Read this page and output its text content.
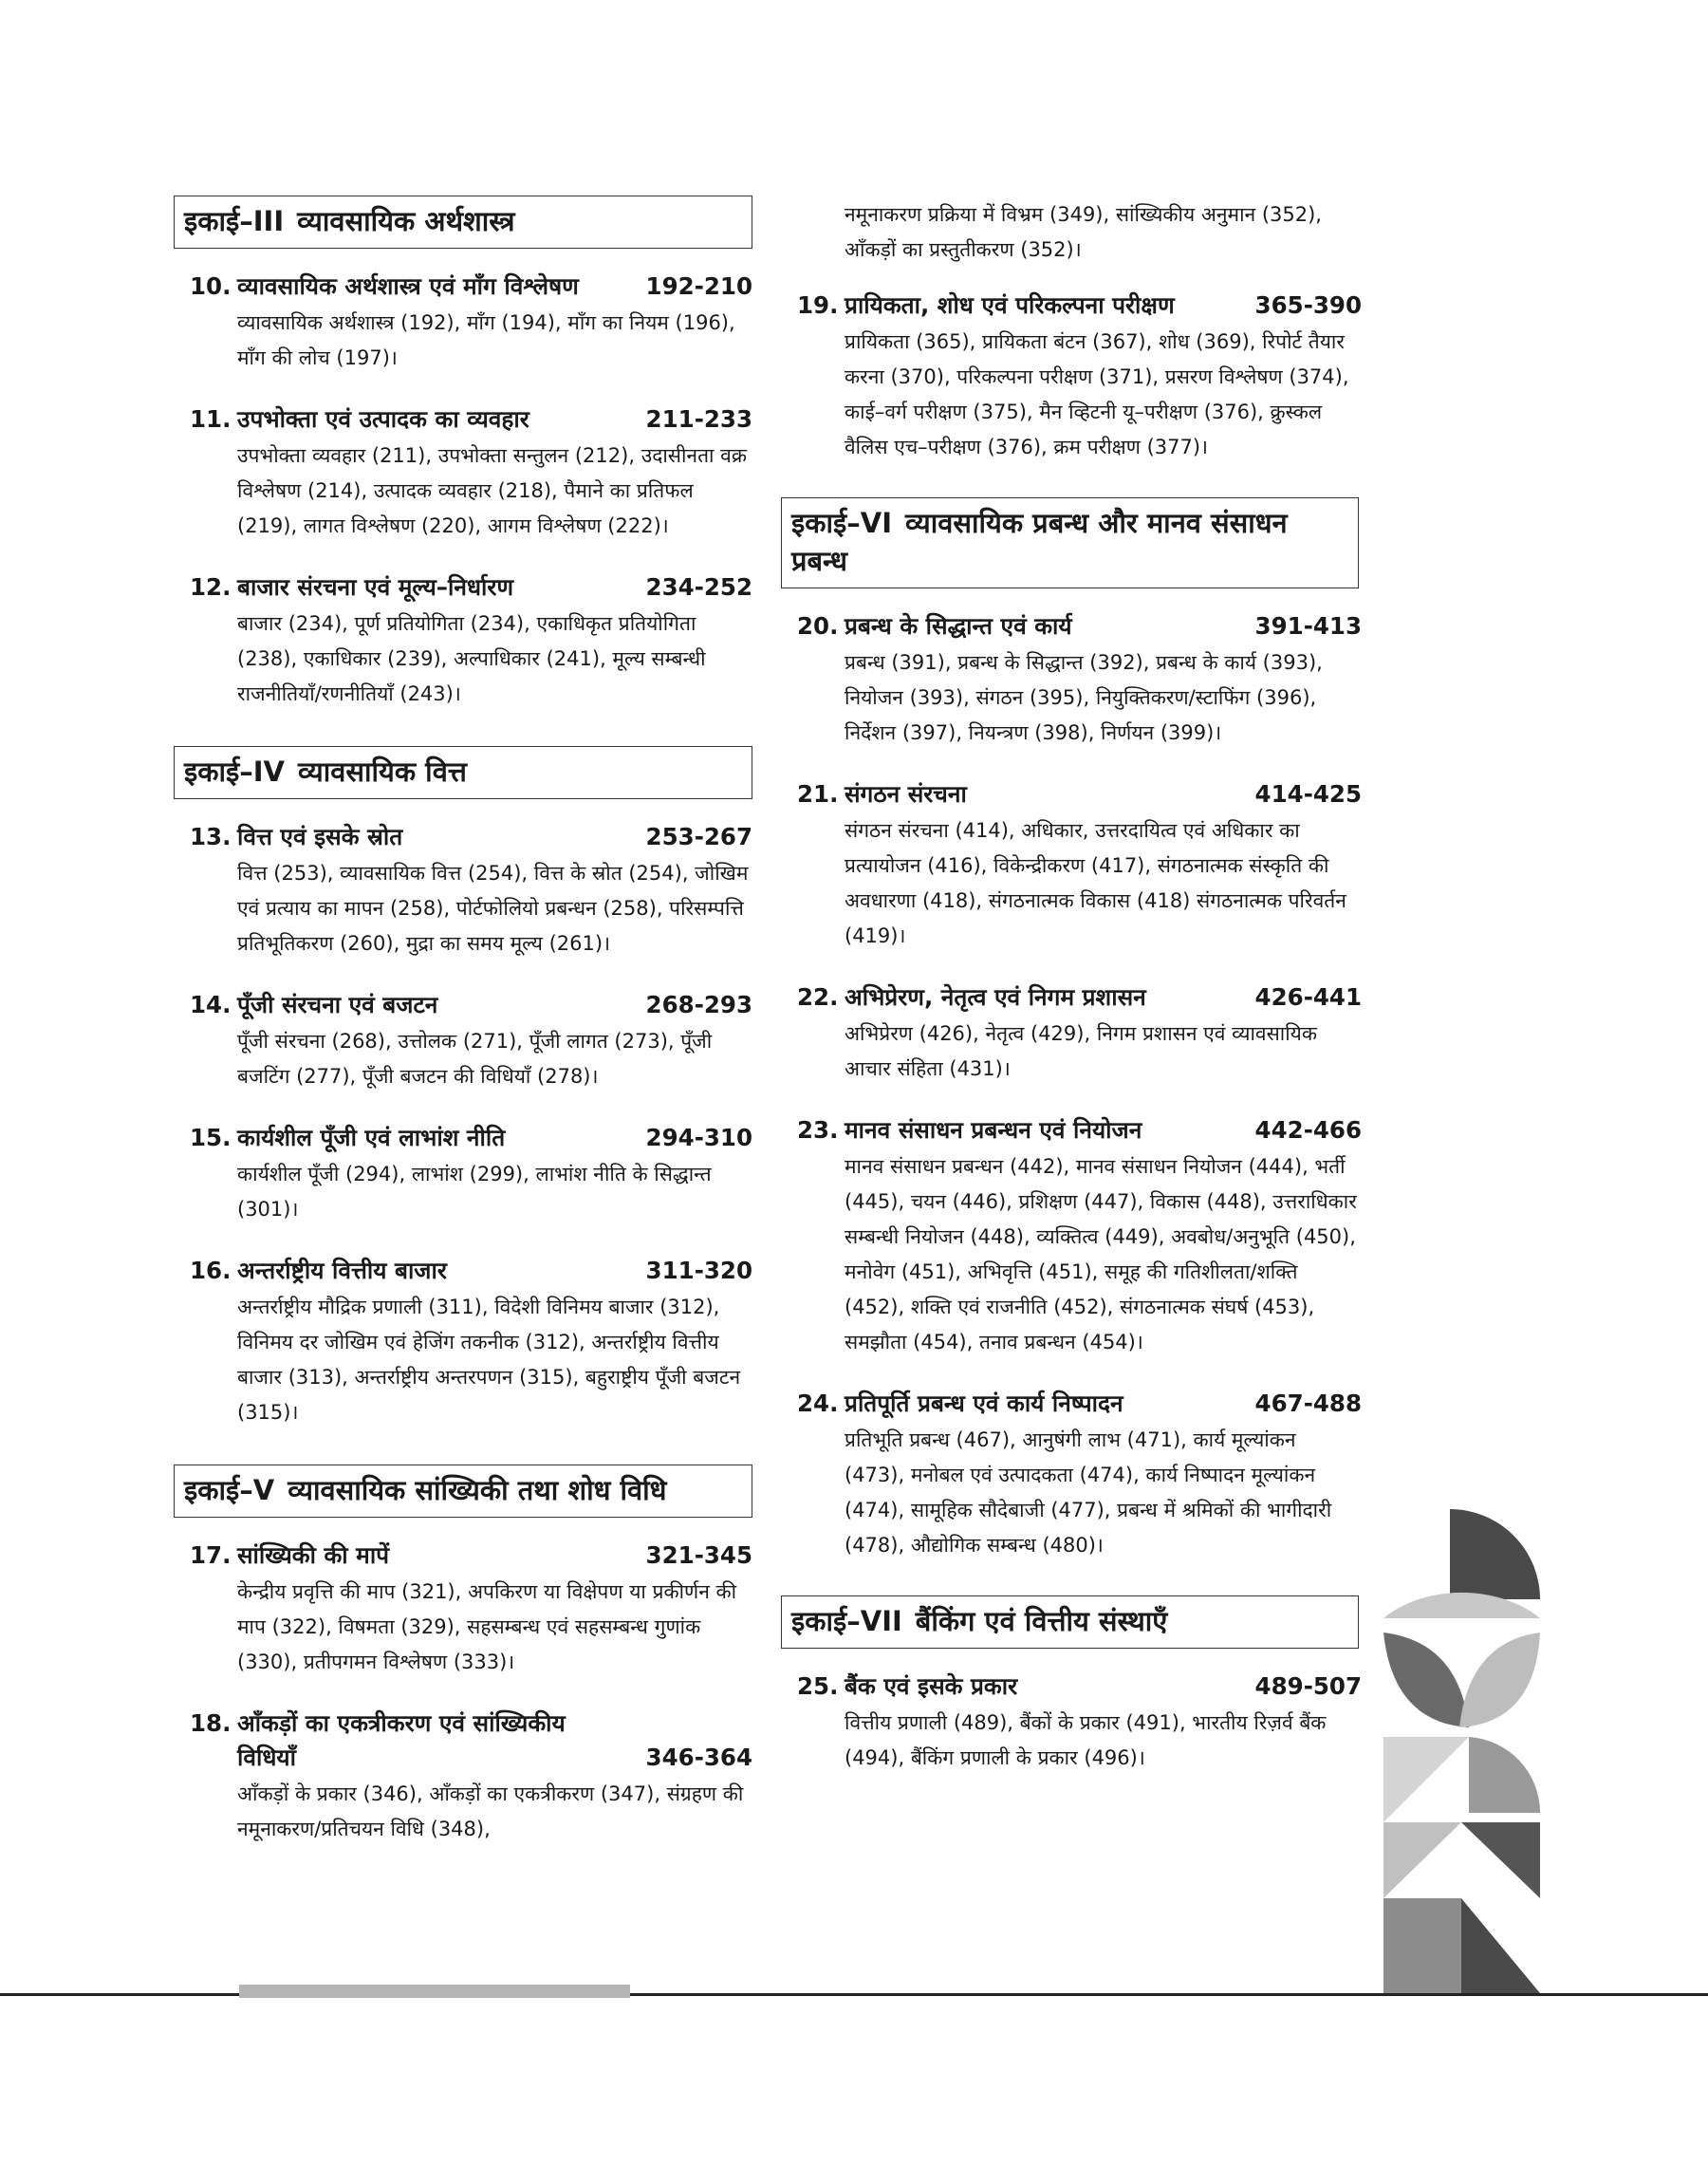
इकाई–III व्यावसायिक अर्थशास्त्र
10. व्यावसायिक अर्थशास्त्र एवं माँग विश्लेषण	192-210
व्यावसायिक अर्थशास्त्र (192), माँग (194), माँग का नियम (196), माँग की लोच (197)।
11. उपभोक्ता एवं उत्पादक का व्यवहार	211-233
उपभोक्ता व्यवहार (211), उपभोक्ता सन्तुलन (212), उदासीनता वक्र विश्लेषण (214), उत्पादक व्यवहार (218), पैमाने का प्रतिफल (219), लागत विश्लेषण (220), आगम विश्लेषण (222)।
12. बाजार संरचना एवं मूल्य–निर्धारण	234-252
बाजार (234), पूर्ण प्रतियोगिता (234), एकाधिकृत प्रतियोगिता (238), एकाधिकार (239), अल्पाधिकार (241), मूल्य सम्बन्धी राजनीतियाँ/रणनीतियाँ (243)।
इकाई–IV व्यावसायिक वित्त
13. वित्त एवं इसके स्रोत	253-267
वित्त (253), व्यावसायिक वित्त (254), वित्त के स्रोत (254), जोखिम एवं प्रत्याय का मापन (258), पोर्टफोलियो प्रबन्धन (258), परिसम्पत्ति प्रतिभूतिकरण (260), मुद्रा का समय मूल्य (261)।
14. पूँजी संरचना एवं बजटन	268-293
पूँजी संरचना (268), उत्तोलक (271), पूँजी लागत (273), पूँजी बजटिंग (277), पूँजी बजटन की विधियाँ (278)।
15. कार्यशील पूँजी एवं लाभांश नीति	294-310
कार्यशील पूँजी (294), लाभांश (299), लाभांश नीति के सिद्धान्त (301)।
16. अन्तर्राष्ट्रीय वित्तीय बाजार	311-320
अन्तर्राष्ट्रीय मौद्रिक प्रणाली (311), विदेशी विनिमय बाजार (312), विनिमय दर जोखिम एवं हेजिंग तकनीक (312), अन्तर्राष्ट्रीय वित्तीय बाजार (313), अन्तर्राष्ट्रीय अन्तरपणन (315), बहुराष्ट्रीय पूँजी बजटन (315)।
इकाई–V व्यावसायिक सांख्यिकी तथा शोध विधि
17. सांख्यिकी की मापें	321-345
केन्द्रीय प्रवृत्ति की माप (321), अपकिरण या विक्षेपण या प्रकीर्णन की माप (322), विषमता (329), सहसम्बन्ध एवं सहसम्बन्ध गुणांक (330), प्रतीपगमन विश्लेषण (333)।
18. आँकड़ों का एकत्रीकरण एवं सांख्यिकीय विधियाँ	346-364
आँकड़ों के प्रकार (346), आँकड़ों का एकत्रीकरण (347), संग्रहण की नमूनाकरण/प्रतिचयन विधि (348),
नमूनाकरण प्रक्रिया में विभ्रम (349), सांख्यिकीय अनुमान (352), आँकड़ों का प्रस्तुतीकरण (352)।
19. प्रायिकता, शोध एवं परिकल्पना परीक्षण	365-390
प्रायिकता (365), प्रायिकता बंटन (367), शोध (369), रिपोर्ट तैयार करना (370), परिकल्पना परीक्षण (371), प्रसरण विश्लेषण (374), काई–वर्ग परीक्षण (375), मैन व्हिटनी यू–परीक्षण (376), क्रुस्कल वैलिस एच–परीक्षण (376), क्रम परीक्षण (377)।
इकाई–VI व्यावसायिक प्रबन्ध और मानव संसाधन प्रबन्ध
20. प्रबन्ध के सिद्धान्त एवं कार्य	391-413
प्रबन्ध (391), प्रबन्ध के सिद्धान्त (392), प्रबन्ध के कार्य (393), नियोजन (393), संगठन (395), नियुक्तिकरण/स्टाफिंग (396), निर्देशन (397), नियन्त्रण (398), निर्णयन (399)।
21. संगठन संरचना	414-425
संगठन संरचना (414), अधिकार, उत्तरदायित्व एवं अधिकार का प्रत्यायोजन (416), विकेन्द्रीकरण (417), संगठनात्मक संस्कृति की अवधारणा (418), संगठनात्मक विकास (418) संगठनात्मक परिवर्तन (419)।
22. अभिप्रेरण, नेतृत्व एवं निगम प्रशासन	426-441
अभिप्रेरण (426), नेतृत्व (429), निगम प्रशासन एवं व्यावसायिक आचार संहिता (431)।
23. मानव संसाधन प्रबन्धन एवं नियोजन	442-466
मानव संसाधन प्रबन्धन (442), मानव संसाधन नियोजन (444), भर्ती (445), चयन (446), प्रशिक्षण (447), विकास (448), उत्तराधिकार सम्बन्धी नियोजन (448), व्यक्तित्व (449), अवबोध/अनुभूति (450), मनोवेग (451), अभिवृत्ति (451), समूह की गतिशीलता/शक्ति (452), शक्ति एवं राजनीति (452), संगठनात्मक संघर्ष (453), समझौता (454), तनाव प्रबन्धन (454)।
24. प्रतिपूर्ति प्रबन्ध एवं कार्य निष्पादन	467-488
प्रतिभूति प्रबन्ध (467), आनुषंगी लाभ (471), कार्य मूल्यांकन (473), मनोबल एवं उत्पादकता (474), कार्य निष्पादन मूल्यांकन (474), सामूहिक सौदेबाजी (477), प्रबन्ध में श्रमिकों की भागीदारी (478), औद्योगिक सम्बन्ध (480)।
इकाई–VII बैंकिंग एवं वित्तीय संस्थाएँ
25. बैंक एवं इसके प्रकार	489-507
वित्तीय प्रणाली (489), बैंकों के प्रकार (491), भारतीय रिज़र्व बैंक (494), बैंकिंग प्रणाली के प्रकार (496)।
